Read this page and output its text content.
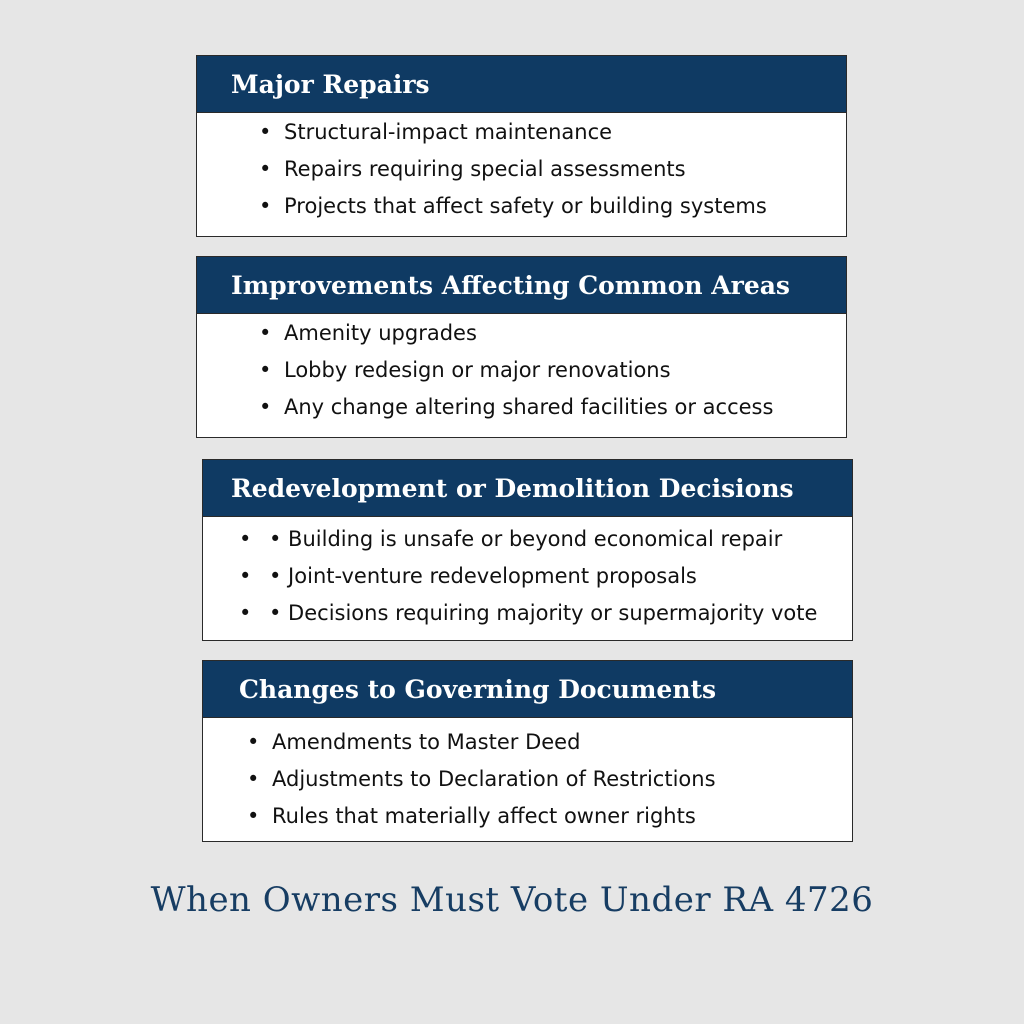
Major Repairs
• Structural-impact maintenance
• Repairs requiring special assessments
• Projects that affect safety or building systems
Improvements Affecting Common Areas
• Amenity upgrades
• Lobby redesign or major renovations
• Any change altering shared facilities or access
Redevelopment or Demolition Decisions
• • Building is unsafe or beyond economical repair
• • Joint-venture redevelopment proposals
• • Decisions requiring majority or supermajority vote
Changes to Governing Documents
• Amendments to Master Deed
• Adjustments to Declaration of Restrictions
• Rules that materially affect owner rights
When Owners Must Vote Under RA 4726
